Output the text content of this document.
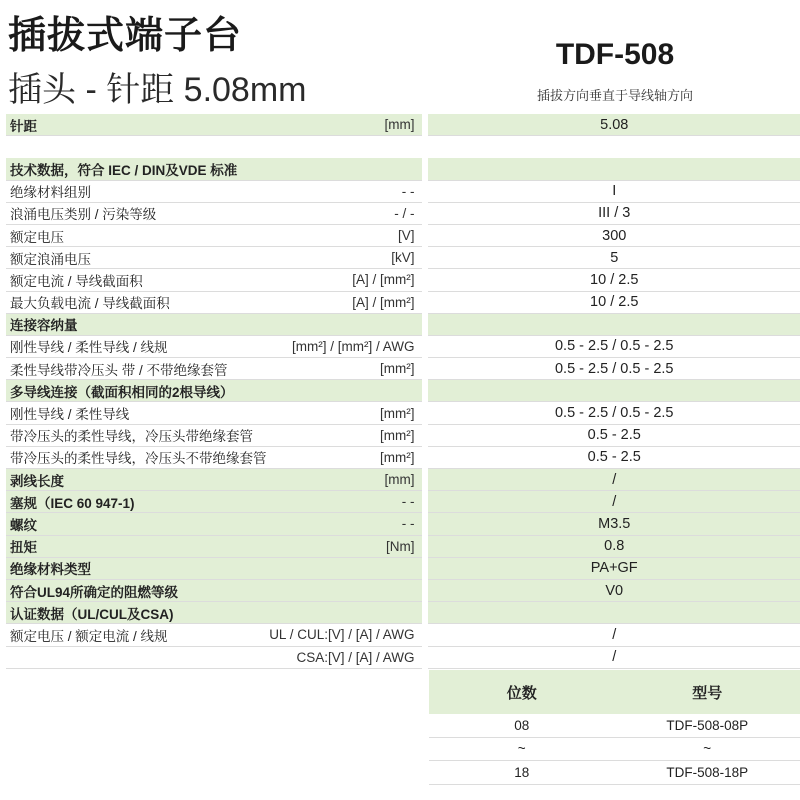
插拔式端子台
插头 - 针距 5.08mm
TDF-508
插拔方向垂直于导线轴方向
针距	[mm]	5.08
技术数据，符合 IEC / DIN及VDE 标准
绝缘材料组别	- -	I
浪涌电压类别 / 污染等级	- / -	III / 3
额定电压	[V]	300
额定浪涌电压	[kV]	5
额定电流 / 导线截面积	[A] / [mm²]	10 / 2.5
最大负载电流 / 导线截面积	[A] / [mm²]	10 / 2.5
连接容纳量
刚性导线 / 柔性导线 / 线规	[mm²] / [mm²] / AWG	0.5 - 2.5 / 0.5 - 2.5
柔性导线带冷压头 带 / 不带绝缘套管	[mm²]	0.5 - 2.5 / 0.5 - 2.5
多导线连接（截面积相同的2根导线）
刚性导线 / 柔性导线	[mm²]	0.5 - 2.5 / 0.5 - 2.5
带冷压头的柔性导线，冷压头带绝缘套管	[mm²]	0.5 - 2.5
带冷压头的柔性导线，冷压头不带绝缘套管	[mm²]	0.5 - 2.5
剥线长度	[mm]	/
塞规（IEC 60 947-1)	- -	/
螺纹	- -	M3.5
扭矩	[Nm]	0.8
绝缘材料类型	PA+GF
符合UL94所确定的阻燃等级	V0
认证数据（UL/CUL及CSA)
额定电压 / 额定电流 / 线规	UL / CUL:[V] / [A] / AWG	/
CSA:[V] / [A] / AWG	/
位数	型号
08	TDF-508-08P
~	~
18	TDF-508-18P
